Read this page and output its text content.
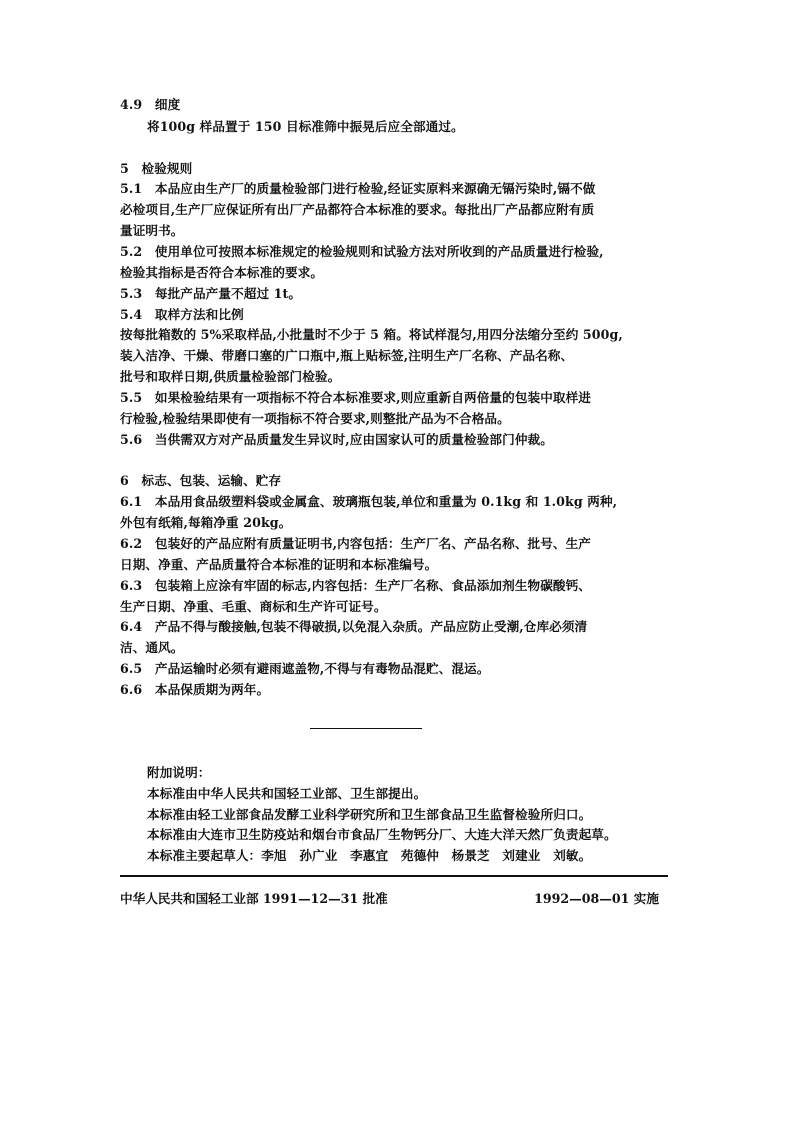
4.9　细度
将100g 样品置于 150 目标准筛中振晃后应全部通过。
5　检验规则
5.1　本品应由生产厂的质量检验部门进行检验,经证实原料来源确无镉污染时,镉不做
必检项目,生产厂应保证所有出厂产品都符合本标准的要求。每批出厂产品都应附有质
量证明书。
5.2　使用单位可按照本标准规定的检验规则和试验方法对所收到的产品质量进行检验,
检验其指标是否符合本标准的要求。
5.3　每批产品产量不超过 1t。
5.4　取样方法和比例
按每批箱数的 5%采取样品,小批量时不少于 5 箱。将试样混匀,用四分法缩分至约 500g,
装入洁净、干燥、带磨口塞的广口瓶中,瓶上贴标签,注明生产厂名称、产品名称、
批号和取样日期,供质量检验部门检验。
5.5　如果检验结果有一项指标不符合本标准要求,则应重新自两倍量的包装中取样进
行检验,检验结果即使有一项指标不符合要求,则整批产品为不合格品。
5.6　当供需双方对产品质量发生异议时,应由国家认可的质量检验部门仲裁。
6　标志、包装、运输、贮存
6.1　本品用食品级塑料袋或金属盒、玻璃瓶包装,单位和重量为 0.1kg 和 1.0kg 两种,
外包有纸箱,每箱净重 20kg。
6.2　包装好的产品应附有质量证明书,内容包括：生产厂名、产品名称、批号、生产
日期、净重、产品质量符合本标准的证明和本标准编号。
6.3　包装箱上应涂有牢固的标志,内容包括：生产厂名称、食品添加剂生物碳酸钙、
生产日期、净重、毛重、商标和生产许可证号。
6.4　产品不得与酸接触,包装不得破损,以免混入杂质。产品应防止受潮,仓库必须清
洁、通风。
6.5　产品运输时必须有避雨遮盖物,不得与有毒物品混贮、混运。
6.6　本品保质期为两年。
附加说明：
本标准由中华人民共和国轻工业部、卫生部提出。
本标准由轻工业部食品发酵工业科学研究所和卫生部食品卫生监督检验所归口。
本标准由大连市卫生防疫站和烟台市食品厂生物钙分厂、大连大洋天然厂负责起草。
本标准主要起草人：李旭　孙广业　李惠宜　苑德仲　杨景芝　刘建业　刘敏。
中华人民共和国轻工业部 1991—12—31 批准	1992—08—01 实施
